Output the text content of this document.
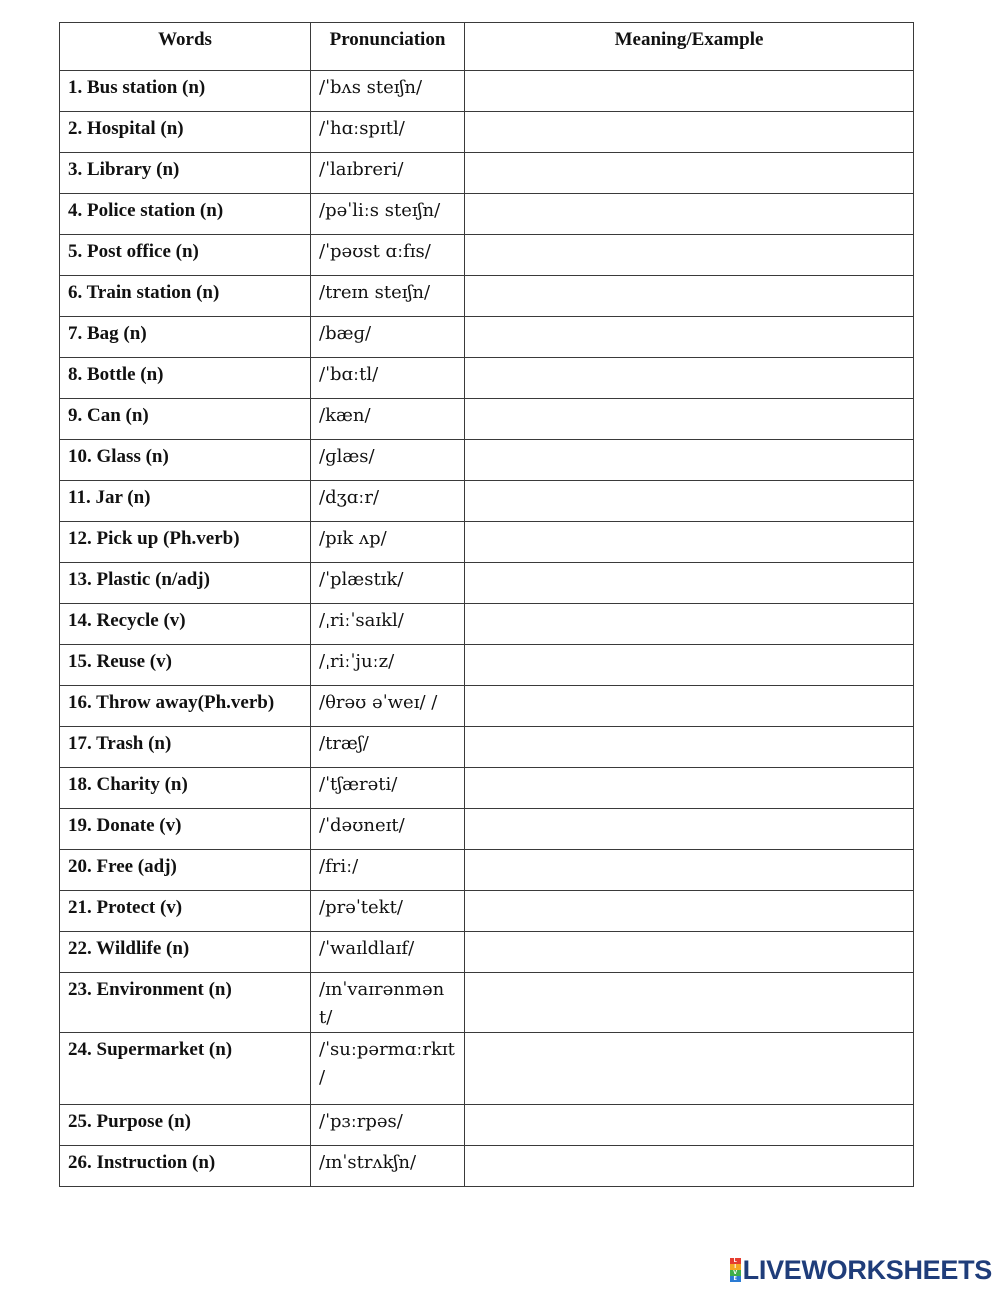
Words	Pronunciation	Meaning/Example
1. Bus station (n)	/ˈbʌs steɪʃn/	
2. Hospital (n)	/ˈhɑːspɪtl/	
3. Library (n)	/ˈlaɪbreri/	
4. Police station (n)	/pəˈliːs steɪʃn/	
5. Post office (n)	/ˈpəʊst ɑːfɪs/	
6. Train station (n)	/treɪn steɪʃn/	
7. Bag (n)	/bæɡ/	
8. Bottle (n)	/ˈbɑːtl/	
9. Can (n)	/kæn/	
10. Glass (n)	/ɡlæs/	
11. Jar (n)	/dʒɑːr/	
12. Pick up (Ph.verb)	/pɪk ʌp/	
13. Plastic (n/adj)	/ˈplæstɪk/	
14. Recycle (v)	/ˌriːˈsaɪkl/	
15. Reuse (v)	/ˌriːˈjuːz/	
16. Throw away(Ph.verb)	/θrəʊ əˈweɪ/ /	
17. Trash (n)	/træʃ/	
18. Charity (n)	/ˈtʃærəti/	
19. Donate (v)	/ˈdəʊneɪt/	
20. Free (adj)	/friː/	
21. Protect (v)	/prəˈtekt/	
22. Wildlife (n)	/ˈwaɪldlaɪf/	
23. Environment (n)	/ɪnˈvaɪrənmənt/	
24. Supermarket (n)	/ˈsuːpərmɑːrkɪt /	
25. Purpose (n)	/ˈpɜːrpəs/	
26. Instruction (n)	/ɪnˈstrʌkʃn/	
L
I
V
E LIVEWORKSHEETS
